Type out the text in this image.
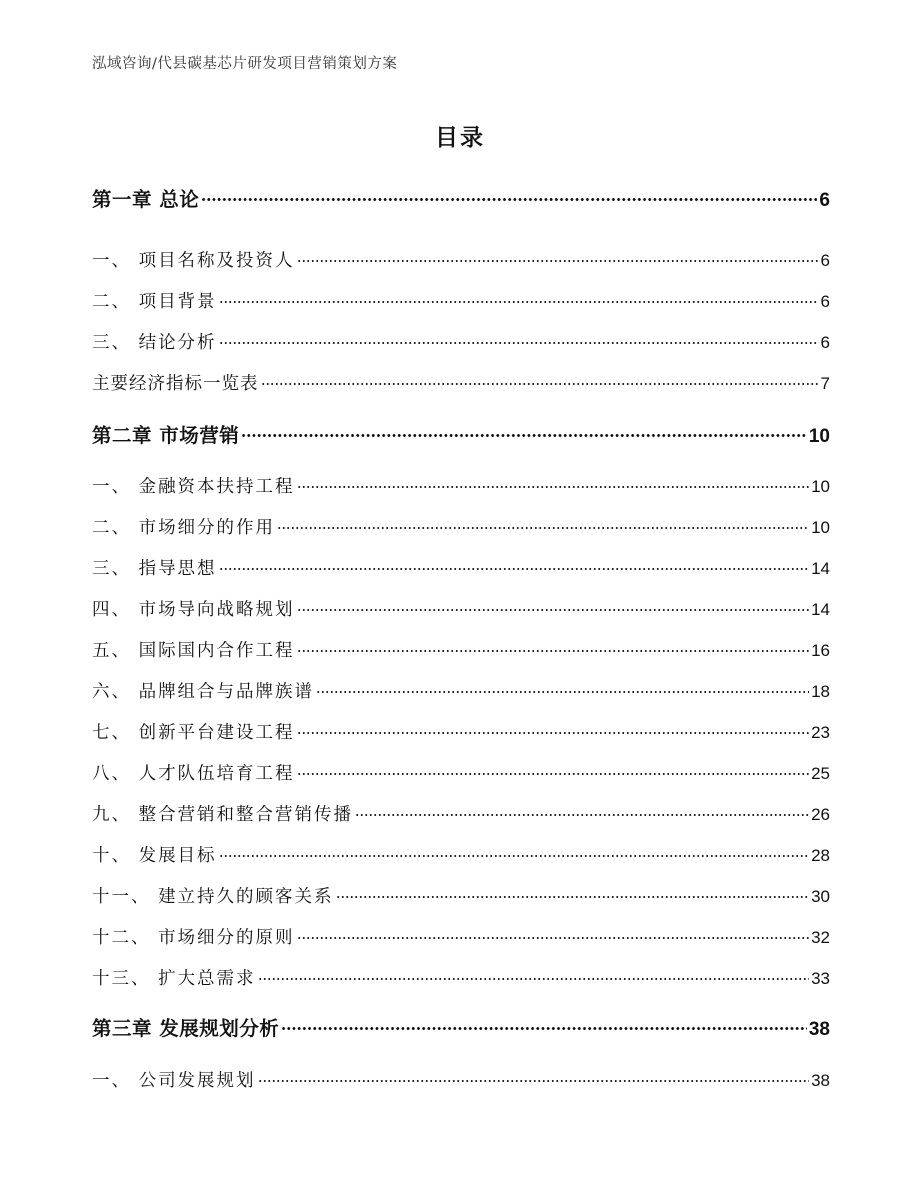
泓域咨询/代县碳基芯片研发项目营销策划方案
目录
第一章 总论	6
一、 项目名称及投资人	6
二、 项目背景	6
三、 结论分析	6
主要经济指标一览表	7
第二章 市场营销	10
一、 金融资本扶持工程	10
二、 市场细分的作用	10
三、 指导思想	14
四、 市场导向战略规划	14
五、 国际国内合作工程	16
六、 品牌组合与品牌族谱	18
七、 创新平台建设工程	23
八、 人才队伍培育工程	25
九、 整合营销和整合营销传播	26
十、 发展目标	28
十一、 建立持久的顾客关系	30
十二、 市场细分的原则	32
十三、 扩大总需求	33
第三章 发展规划分析	38
一、 公司发展规划	38
